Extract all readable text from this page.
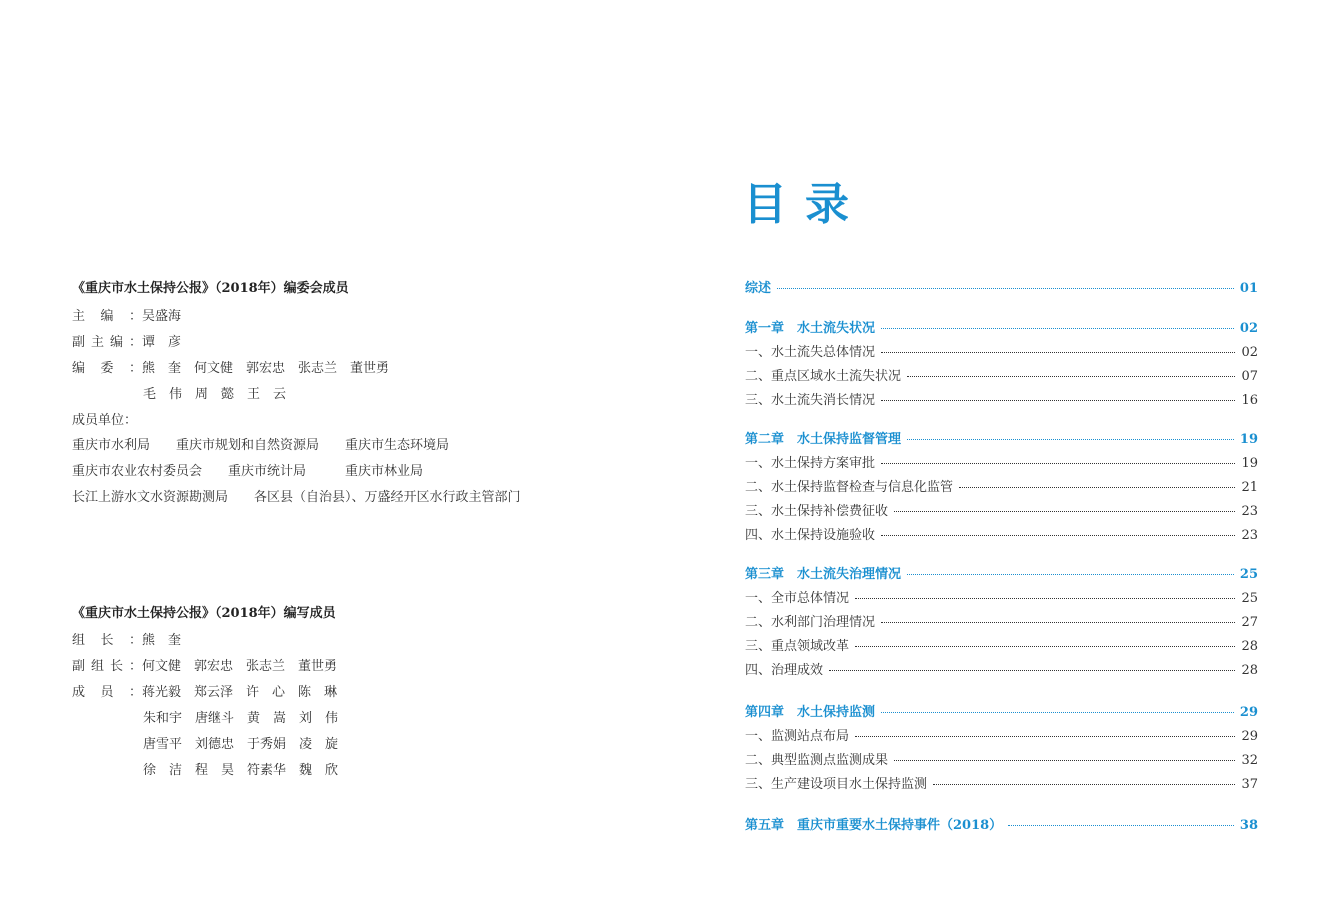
《重庆市水土保持公报》（2018年）编委会成员
主编：吴盛海
副主编：谭　彦
编委：熊　奎　何文健　郭宏忠　张志兰　董世勇
毛　伟　周　懿　王　云
成员单位：
重庆市水利局　　重庆市规划和自然资源局　　重庆市生态环境局
重庆市农业农村委员会　　重庆市统计局　　　重庆市林业局
长江上游水文水资源勘测局　　各区县（自治县）、万盛经开区水行政主管部门
《重庆市水土保持公报》（2018年）编写成员
组长：熊　奎
副组长：何文健　郭宏忠　张志兰　董世勇
成员：蒋光毅　郑云泽　许　心　陈　琳
朱和宇　唐继斗　黄　嵩　刘　伟
唐雪平　刘德忠　于秀娟　凌　旋
徐　洁　程　昊　符素华　魏　欣
目录
综述	01
第一章　水土流失状况	02
一、水土流失总体情况	02
二、重点区域水土流失状况	07
三、水土流失消长情况	16
第二章　水土保持监督管理	19
一、水土保持方案审批	19
二、水土保持监督检查与信息化监管	21
三、水土保持补偿费征收	23
四、水土保持设施验收	23
第三章　水土流失治理情况	25
一、全市总体情况	25
二、水利部门治理情况	27
三、重点领域改革	28
四、治理成效	28
第四章　水土保持监测	29
一、监测站点布局	29
二、典型监测点监测成果	32
三、生产建设项目水土保持监测	37
第五章　重庆市重要水土保持事件（2018）	38
